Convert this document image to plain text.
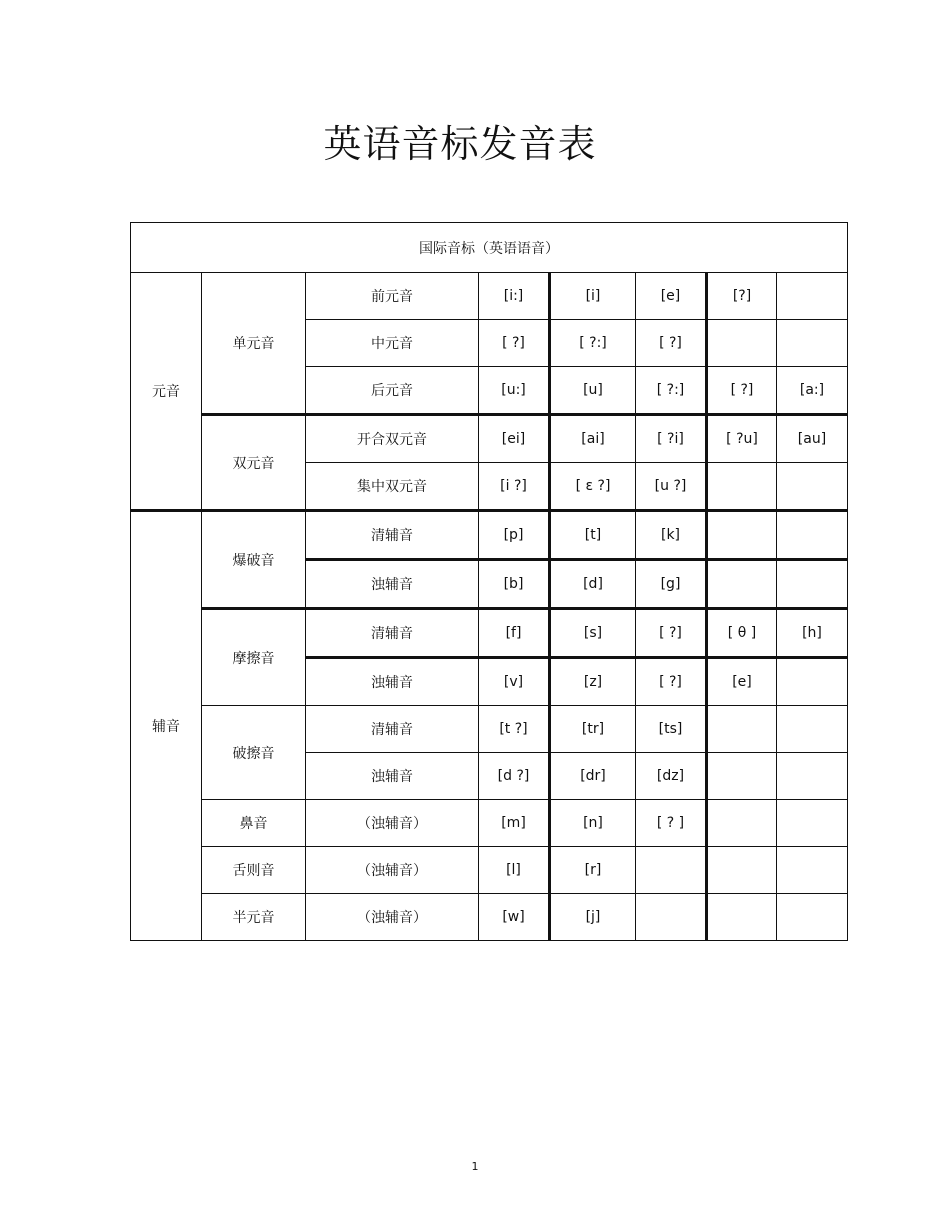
英语音标发音表
国际音标（英语语音）							
元音	单元音	前元音	[i:]	[i]	[e]	[?]	
		中元音	[ ?]	[ ?:]	[ ?]		
		后元音	[u:]	[u]	[ ?:]	[ ?]	[a:]
	双元音	开合双元音	[ei]	[ai]	[ ?i]	[ ?u]	[au]
		集中双元音	[i ?]	[ ε ?]	[u ?]		
辅音	爆破音	清辅音	[p]	[t]	[k]		
		浊辅音	[b]	[d]	[g]		
	摩擦音	清辅音	[f]	[s]	[ ?]	[ θ ]	[h]
		浊辅音	[v]	[z]	[ ?]	[e]	
	破擦音	清辅音	[t ?]	[tr]	[ts]		
		浊辅音	[d ?]	[dr]	[dz]		
	鼻音	（浊辅音）	[m]	[n]	[ ? ]		
	舌则音	（浊辅音）	[l]	[r]			
	半元音	（浊辅音）	[w]	[j]			
1
